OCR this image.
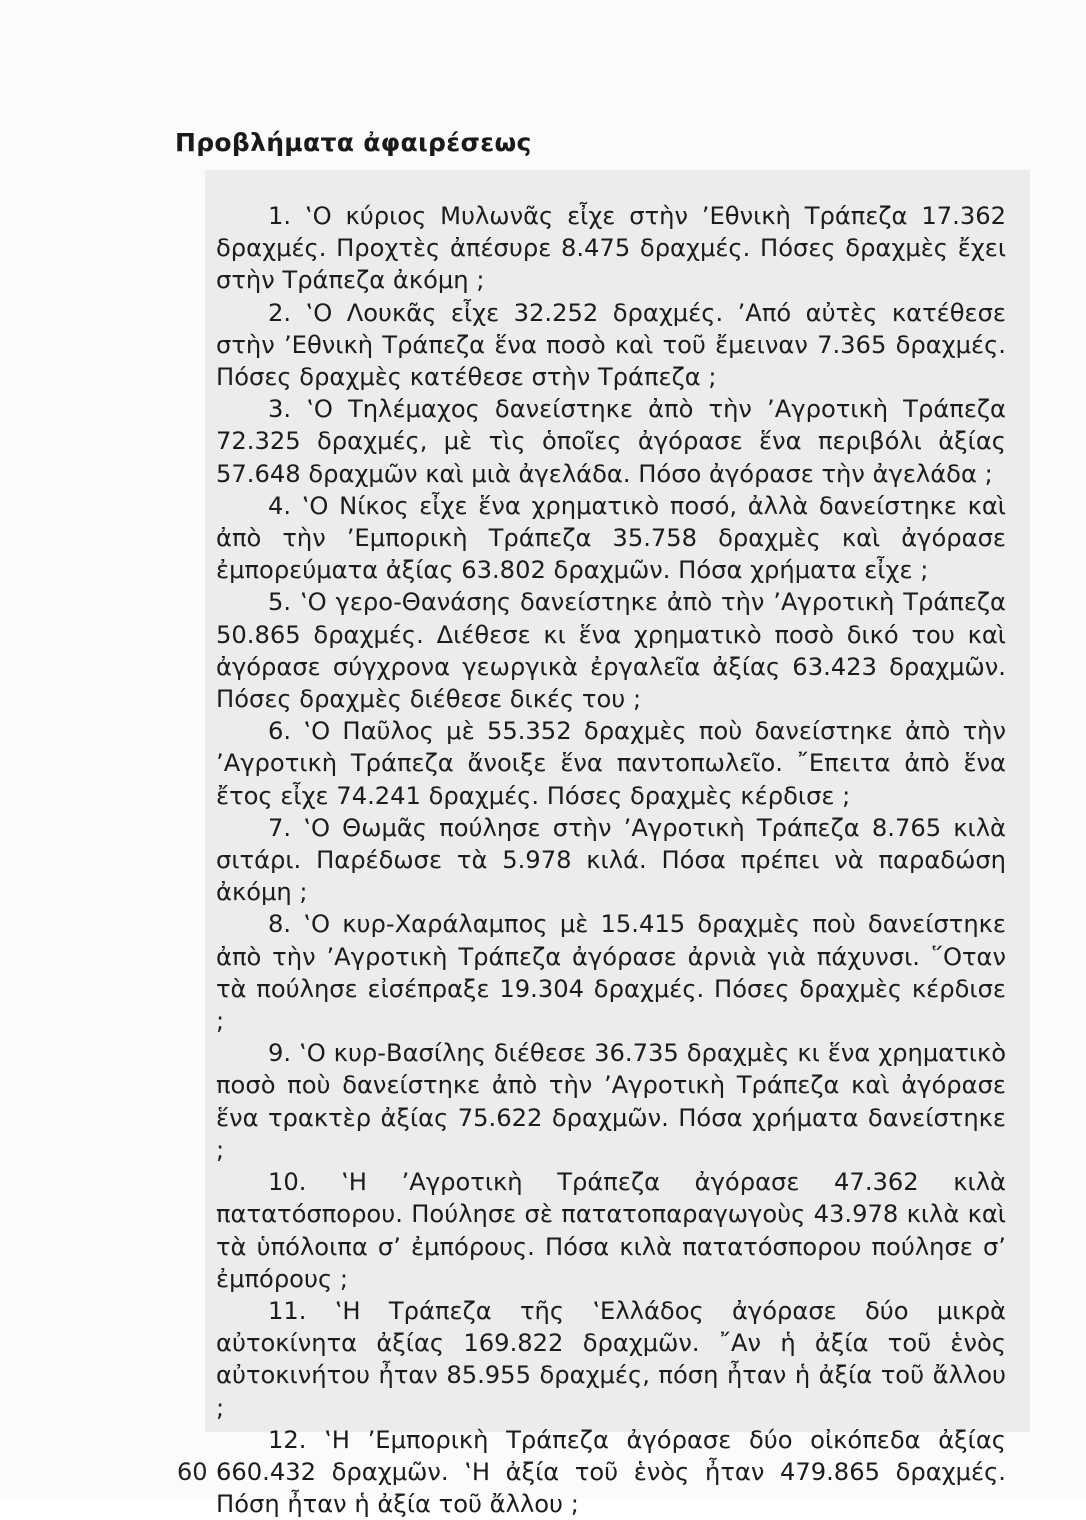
Προβλήματα ἀφαιρέσεως
1. ‛Ο κύριος Μυλωνᾶς εἶχε στὴν ’Εθνικὴ Τράπεζα 17.362 δραχμές. Προχτὲς ἀπέσυρε 8.475 δραχμές. Πόσες δραχμὲς ἔχει στὴν Τράπεζα ἀκόμη ;
2. ‛Ο Λουκᾶς εἶχε 32.252 δραχμές. ’Από αὐτὲς κατέθεσε στὴν ’Εθνικὴ Τράπεζα ἕνα ποσὸ καὶ τοῦ ἔμειναν 7.365 δραχμές. Πόσες δραχμὲς κατέθεσε στὴν Τράπεζα ;
3. ‛Ο Τηλέμαχος δανείστηκε ἀπὸ τὴν ’Αγροτικὴ Τράπεζα 72.325 δραχμές, μὲ τὶς ὁποῖες ἀγόρασε ἕνα περιβόλι ἀξίας 57.648 δραχμῶν καὶ μιὰ ἀγελάδα. Πόσο ἀγόρασε τὴν ἀγελάδα ;
4. ‛Ο Νίκος εἶχε ἕνα χρηματικὸ ποσό, ἀλλὰ δανείστηκε καὶ ἀπὸ τὴν ’Εμπορικὴ Τράπεζα 35.758 δραχμὲς καὶ ἀγόρασε ἐμπορεύματα ἀξίας 63.802 δραχμῶν. Πόσα χρήματα εἶχε ;
5. ‛Ο γερο-Θανάσης δανείστηκε ἀπὸ τὴν ’Αγροτικὴ Τράπεζα 50.865 δραχμές. Διέθεσε κι ἕνα χρηματικὸ ποσὸ δικό του καὶ ἀγόρασε σύγχρονα γεωργικὰ ἐργαλεῖα ἀξίας 63.423 δραχμῶν. Πόσες δραχμὲς διέθεσε δικές του ;
6. ‛Ο Παῦλος μὲ 55.352 δραχμὲς ποὺ δανείστηκε ἀπὸ τὴν ’Αγροτικὴ Τράπεζα ἄνοιξε ἕνα παντοπωλεῖο. ῎Επειτα ἀπὸ ἕνα ἔτος εἶχε 74.241 δραχμές. Πόσες δραχμὲς κέρδισε ;
7. ‛Ο Θωμᾶς πούλησε στὴν ’Αγροτικὴ Τράπεζα 8.765 κιλὰ σιτάρι. Παρέδωσε τὰ 5.978 κιλά. Πόσα πρέπει νὰ παραδώση ἀκόμη ;
8. ‛Ο κυρ-Χαράλαμπος μὲ 15.415 δραχμὲς ποὺ δανείστηκε ἀπὸ τὴν ’Αγροτικὴ Τράπεζα ἀγόρασε ἀρνιὰ γιὰ πάχυνσι. ῞Οταν τὰ πούλησε εἰσέπραξε 19.304 δραχμές. Πόσες δραχμὲς κέρδισε ;
9. ‛Ο κυρ-Βασίλης διέθεσε 36.735 δραχμὲς κι ἕνα χρηματικὸ ποσὸ ποὺ δανείστηκε ἀπὸ τὴν ’Αγροτικὴ Τράπεζα καὶ ἀγόρασε ἕνα τρακτὲρ ἀξίας 75.622 δραχμῶν. Πόσα χρήματα δανείστηκε ;
10. ‛Η ’Αγροτικὴ Τράπεζα ἀγόρασε 47.362 κιλὰ πατατόσπορου. Πούλησε σὲ πατατοπαραγωγοὺς 43.978 κιλὰ καὶ τὰ ὑπόλοιπα σ’ ἐμπόρους. Πόσα κιλὰ πατατόσπορου πούλησε σ’ ἐμπόρους ;
11. ‛Η Τράπεζα τῆς ‛Ελλάδος ἀγόρασε δύο μικρὰ αὐτοκίνητα ἀξίας 169.822 δραχμῶν. ῎Αν ἡ ἀξία τοῦ ἑνὸς αὐτοκινήτου ἦταν 85.955 δραχμές, πόση ἦταν ἡ ἀξία τοῦ ἄλλου ;
12. ‛Η ’Εμπορικὴ Τράπεζα ἀγόρασε δύο οἰκόπεδα ἀξίας 660.432 δραχμῶν. ‛Η ἀξία τοῦ ἑνὸς ἦταν 479.865 δραχμές. Πόση ἦταν ἡ ἀξία τοῦ ἄλλου ;
60
